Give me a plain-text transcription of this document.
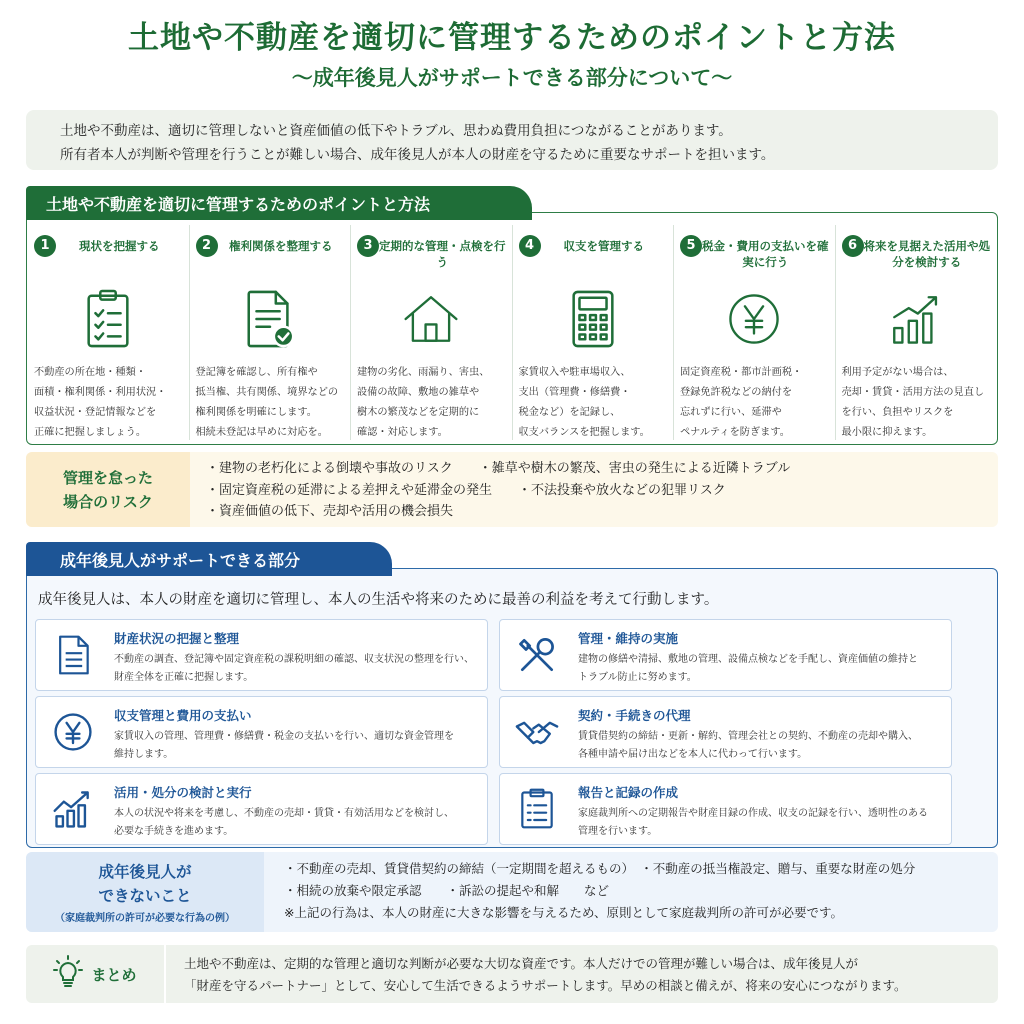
土地や不動産を適切に管理するためのポイントと方法
〜成年後見人がサポートできる部分について〜
土地や不動産は、適切に管理しないと資産価値の低下やトラブル、思わぬ費用負担につながることがあります。
所有者本人が判断や管理を行うことが難しい場合、成年後見人が本人の財産を守るために重要なサポートを担います。
土地や不動産を適切に管理するためのポイントと方法
1	現状を把握する
不動産の所在地・種類・
面積・権利関係・利用状況・
収益状況・登記情報などを
正確に把握しましょう。
2	権利関係を整理する
登記簿を確認し、所有権や
抵当権、共有関係、境界などの
権利関係を明確にします。
相続未登記は早めに対応を。
3 定期的な管理・点検を行う
建物の劣化、雨漏り、害虫、
設備の故障、敷地の雑草や
樹木の繁茂などを定期的に
確認・対応します。
4	収支を管理する
家賃収入や駐車場収入、
支出（管理費・修繕費・
税金など）を記録し、
収支バランスを把握します。
5 税金・費用の支払いを確実に行う
固定資産税・都市計画税・
登録免許税などの納付を
忘れずに行い、延滞や
ペナルティを防ぎます。
6 将来を見据えた活用や処分を検討する
利用予定がない場合は、
売却・賃貸・活用方法の見直し
を行い、負担やリスクを
最小限に抑えます。
管理を怠った
場合のリスク
・建物の老朽化による倒壊や事故のリスク　　・雑草や樹木の繁茂、害虫の発生による近隣トラブル
・固定資産税の延滞による差押えや延滞金の発生　　・不法投棄や放火などの犯罪リスク
・資産価値の低下、売却や活用の機会損失
成年後見人がサポートできる部分
成年後見人は、本人の財産を適切に管理し、本人の生活や将来のために最善の利益を考えて行動します。
財産状況の把握と整理
不動産の調査、登記簿や固定資産税の課税明細の確認、収支状況の整理を行い、
財産全体を正確に把握します。
管理・維持の実施
建物の修繕や清掃、敷地の管理、設備点検などを手配し、資産価値の維持と
トラブル防止に努めます。
収支管理と費用の支払い
家賃収入の管理、管理費・修繕費・税金の支払いを行い、適切な資金管理を
維持します。
契約・手続きの代理
賃貸借契約の締結・更新・解約、管理会社との契約、不動産の売却や購入、
各種申請や届け出などを本人に代わって行います。
活用・処分の検討と実行
本人の状況や将来を考慮し、不動産の売却・賃貸・有効活用などを検討し、
必要な手続きを進めます。
報告と記録の作成
家庭裁判所への定期報告や財産目録の作成、収支の記録を行い、透明性のある
管理を行います。
成年後見人が
できないこと
（家庭裁判所の許可が必要な行為の例）
・不動産の売却、賃貸借契約の締結（一定期間を超えるもの）　・不動産の抵当権設定、贈与、重要な財産の処分
・相続の放棄や限定承認　　・訴訟の提起や和解　　など
※上記の行為は、本人の財産に大きな影響を与えるため、原則として家庭裁判所の許可が必要です。
まとめ
土地や不動産は、定期的な管理と適切な判断が必要な大切な資産です。本人だけでの管理が難しい場合は、成年後見人が
「財産を守るパートナー」として、安心して生活できるようサポートします。早めの相談と備えが、将来の安心につながります。
